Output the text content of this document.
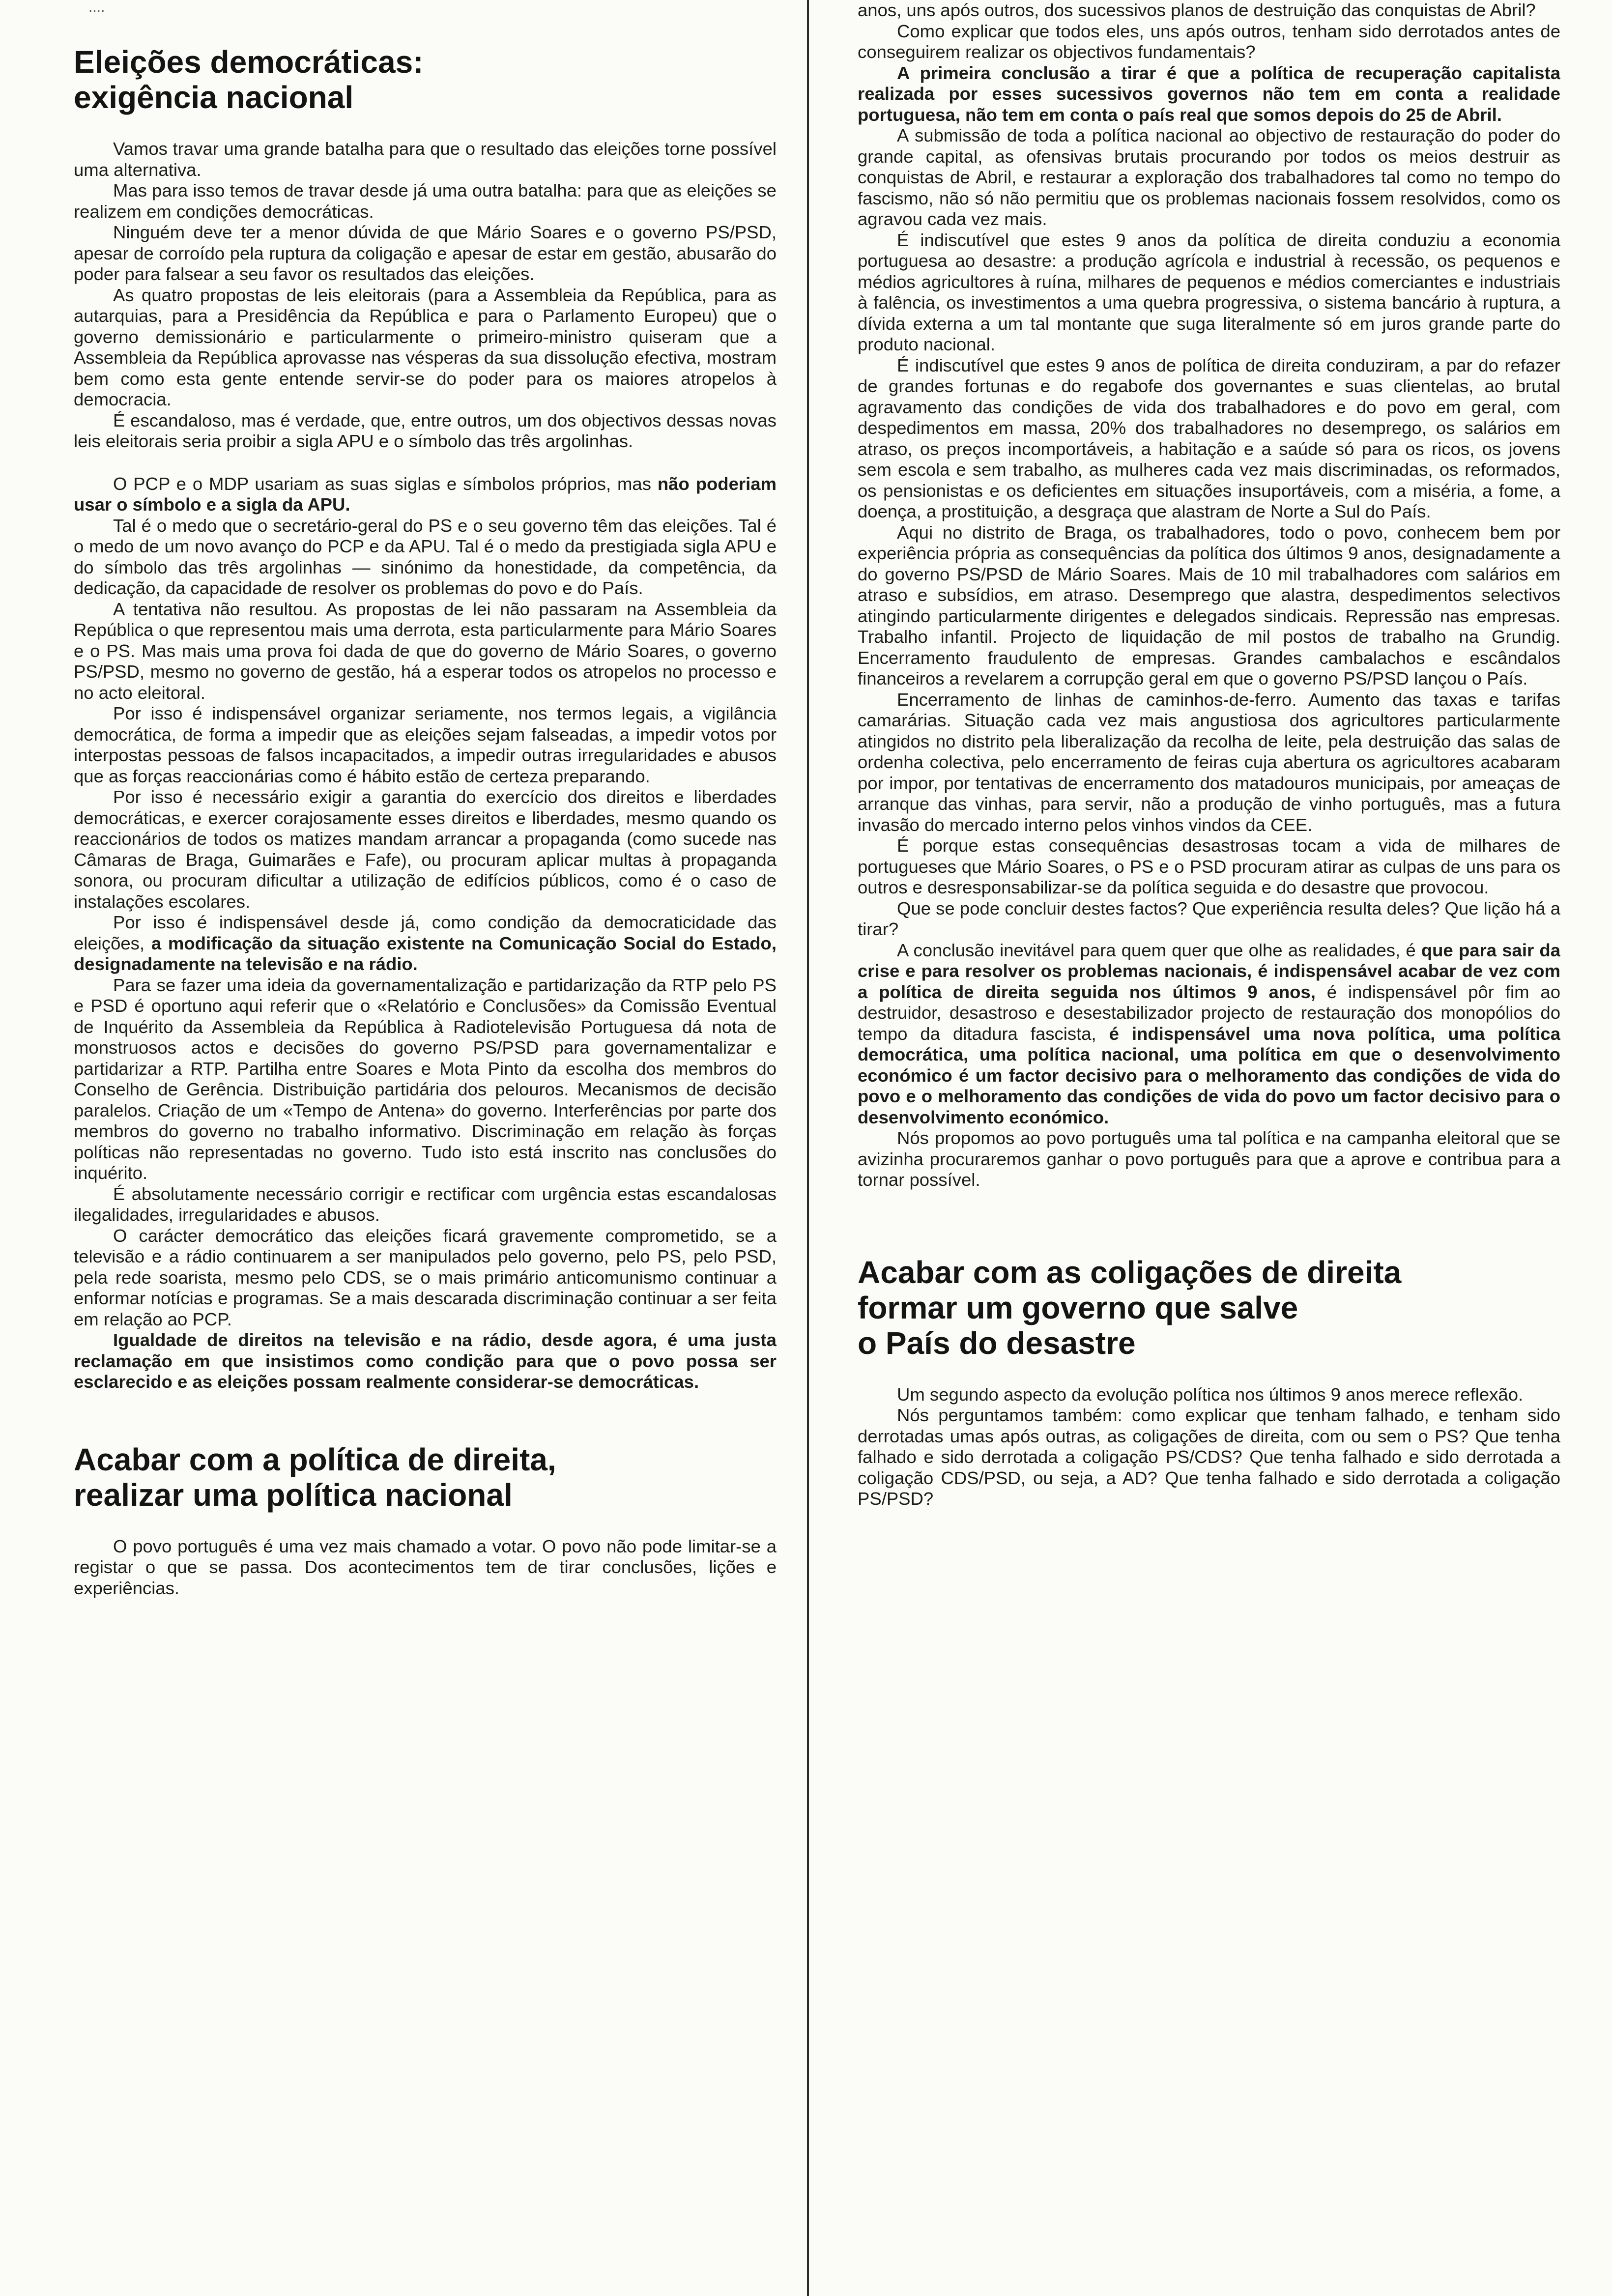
....

Eleições democráticas:
exigência nacional

Vamos travar uma grande batalha para que o resultado das eleições torne possível uma alternativa.

Mas para isso temos de travar desde já uma outra batalha: para que as eleições se realizem em condições democráticas.

Ninguém deve ter a menor dúvida de que Mário Soares e o governo PS/PSD, apesar de corroído pela ruptura da coligação e apesar de estar em gestão, abusarão do poder para falsear a seu favor os resultados das eleições.

As quatro propostas de leis eleitorais (para a Assembleia da República, para as autarquias, para a Presidência da República e para o Parlamento Europeu) que o governo demissionário e particularmente o primeiro-ministro quiseram que a Assembleia da República aprovasse nas vésperas da sua dissolução efectiva, mostram bem como esta gente entende servir-se do poder para os maiores atropelos à democracia.

É escandaloso, mas é verdade, que, entre outros, um dos objectivos dessas novas leis eleitorais seria proibir a sigla APU e o símbolo das três argolinhas.

O PCP e o MDP usariam as suas siglas e símbolos próprios, mas não poderiam usar o símbolo e a sigla da APU.

Tal é o medo que o secretário-geral do PS e o seu governo têm das eleições. Tal é o medo de um novo avanço do PCP e da APU. Tal é o medo da prestigiada sigla APU e do símbolo das três argolinhas — sinónimo da honestidade, da competência, da dedicação, da capacidade de resolver os problemas do povo e do País.

A tentativa não resultou. As propostas de lei não passaram na Assembleia da República o que representou mais uma derrota, esta particularmente para Mário Soares e o PS. Mas mais uma prova foi dada de que do governo de Mário Soares, o governo PS/PSD, mesmo no governo de gestão, há a esperar todos os atropelos no processo e no acto eleitoral.

Por isso é indispensável organizar seriamente, nos termos legais, a vigilância democrática, de forma a impedir que as eleições sejam falseadas, a impedir votos por interpostas pessoas de falsos incapacitados, a impedir outras irregularidades e abusos que as forças reaccionárias como é hábito estão de certeza preparando.

Por isso é necessário exigir a garantia do exercício dos direitos e liberdades democráticas, e exercer corajosamente esses direitos e liberdades, mesmo quando os reaccionários de todos os matizes mandam arrancar a propaganda (como sucede nas Câmaras de Braga, Guimarães e Fafe), ou procuram aplicar multas à propaganda sonora, ou procuram dificultar a utilização de edifícios públicos, como é o caso de instalações escolares.

Por isso é indispensável desde já, como condição da democraticidade das eleições, a modificação da situação existente na Comunicação Social do Estado, designadamente na televisão e na rádio.

Para se fazer uma ideia da governamentalização e partidarização da RTP pelo PS e PSD é oportuno aqui referir que o «Relatório e Conclusões» da Comissão Eventual de Inquérito da Assembleia da República à Radiotelevisão Portuguesa dá nota de monstruosos actos e decisões do governo PS/PSD para governamentalizar e partidarizar a RTP. Partilha entre Soares e Mota Pinto da escolha dos membros do Conselho de Gerência. Distribuição partidária dos pelouros. Mecanismos de decisão paralelos. Criação de um «Tempo de Antena» do governo. Interferências por parte dos membros do governo no trabalho informativo. Discriminação em relação às forças políticas não representadas no governo. Tudo isto está inscrito nas conclusões do inquérito.

É absolutamente necessário corrigir e rectificar com urgência estas escandalosas ilegalidades, irregularidades e abusos.

O carácter democrático das eleições ficará gravemente comprometido, se a televisão e a rádio continuarem a ser manipulados pelo governo, pelo PS, pelo PSD, pela rede soarista, mesmo pelo CDS, se o mais primário anticomunismo continuar a enformar notícias e programas. Se a mais descarada discriminação continuar a ser feita em relação ao PCP.

Igualdade de direitos na televisão e na rádio, desde agora, é uma justa reclamação em que insistimos como condição para que o povo possa ser esclarecido e as eleições possam realmente considerar-se democráticas.

Acabar com a política de direita,
realizar uma política nacional

O povo português é uma vez mais chamado a votar. O povo não pode limitar-se a registar o que se passa. Dos acontecimentos tem de tirar conclusões, lições e experiências.

anos, uns após outros, dos sucessivos planos de destruição das conquistas de Abril?

Como explicar que todos eles, uns após outros, tenham sido derrotados antes de conseguirem realizar os objectivos fundamentais?

A primeira conclusão a tirar é que a política de recuperação capitalista realizada por esses sucessivos governos não tem em conta a realidade portuguesa, não tem em conta o país real que somos depois do 25 de Abril.

A submissão de toda a política nacional ao objectivo de restauração do poder do grande capital, as ofensivas brutais procurando por todos os meios destruir as conquistas de Abril, e restaurar a exploração dos trabalhadores tal como no tempo do fascismo, não só não permitiu que os problemas nacionais fossem resolvidos, como os agravou cada vez mais.

É indiscutível que estes 9 anos da política de direita conduziu a economia portuguesa ao desastre: a produção agrícola e industrial à recessão, os pequenos e médios agricultores à ruína, milhares de pequenos e médios comerciantes e industriais à falência, os investimentos a uma quebra progressiva, o sistema bancário à ruptura, a dívida externa a um tal montante que suga literalmente só em juros grande parte do produto nacional.

É indiscutível que estes 9 anos de política de direita conduziram, a par do refazer de grandes fortunas e do regabofe dos governantes e suas clientelas, ao brutal agravamento das condições de vida dos trabalhadores e do povo em geral, com despedimentos em massa, 20% dos trabalhadores no desemprego, os salários em atraso, os preços incomportáveis, a habitação e a saúde só para os ricos, os jovens sem escola e sem trabalho, as mulheres cada vez mais discriminadas, os reformados, os pensionistas e os deficientes em situações insuportáveis, com a miséria, a fome, a doença, a prostituição, a desgraça que alastram de Norte a Sul do País.

Aqui no distrito de Braga, os trabalhadores, todo o povo, conhecem bem por experiência própria as consequências da política dos últimos 9 anos, designadamente a do governo PS/PSD de Mário Soares. Mais de 10 mil trabalhadores com salários em atraso e subsídios, em atraso. Desemprego que alastra, despedimentos selectivos atingindo particularmente dirigentes e delegados sindicais. Repressão nas empresas. Trabalho infantil. Projecto de liquidação de mil postos de trabalho na Grundig. Encerramento fraudulento de empresas. Grandes cambalachos e escândalos financeiros a revelarem a corrupção geral em que o governo PS/PSD lançou o País.

Encerramento de linhas de caminhos-de-ferro. Aumento das taxas e tarifas camarárias. Situação cada vez mais angustiosa dos agricultores particularmente atingidos no distrito pela liberalização da recolha de leite, pela destruição das salas de ordenha colectiva, pelo encerramento de feiras cuja abertura os agricultores acabaram por impor, por tentativas de encerramento dos matadouros municipais, por ameaças de arranque das vinhas, para servir, não a produção de vinho português, mas a futura invasão do mercado interno pelos vinhos vindos da CEE.

É porque estas consequências desastrosas tocam a vida de milhares de portugueses que Mário Soares, o PS e o PSD procuram atirar as culpas de uns para os outros e desresponsabilizar-se da política seguida e do desastre que provocou.

Que se pode concluir destes factos? Que experiência resulta deles? Que lição há a tirar?

A conclusão inevitável para quem quer que olhe as realidades, é que para sair da crise e para resolver os problemas nacionais, é indispensável acabar de vez com a política de direita seguida nos últimos 9 anos, é indispensável pôr fim ao destruidor, desastroso e desestabilizador projecto de restauração dos monopólios do tempo da ditadura fascista, é indispensável uma nova política, uma política democrática, uma política nacional, uma política em que o desenvolvimento económico é um factor decisivo para o melhoramento das condições de vida do povo e o melhoramento das condições de vida do povo um factor decisivo para o desenvolvimento económico.

Nós propomos ao povo português uma tal política e na campanha eleitoral que se avizinha procuraremos ganhar o povo português para que a aprove e contribua para a tornar possível.

Acabar com as coligações de direita
formar um governo que salve
o País do desastre

Um segundo aspecto da evolução política nos últimos 9 anos merece reflexão.

Nós perguntamos também: como explicar que tenham falhado, e tenham sido derrotadas umas após outras, as coligações de direita, com ou sem o PS? Que tenha falhado e sido derrotada a coligação PS/CDS? Que tenha falhado e sido derrotada a coligação CDS/PSD, ou seja, a AD? Que tenha falhado e sido derrotada a coligação PS/PSD?
